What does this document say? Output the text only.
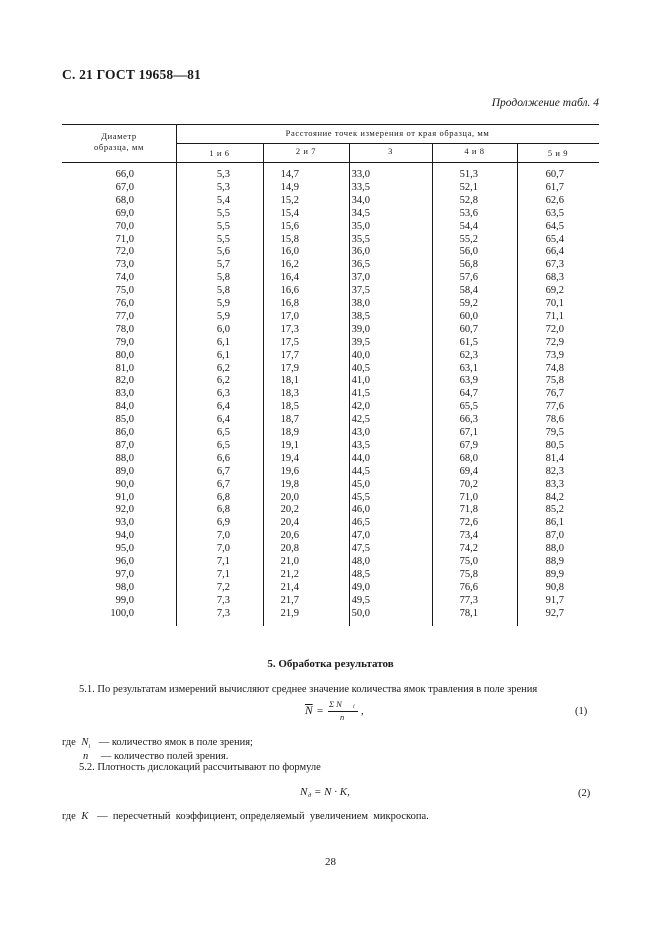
С. 21 ГОСТ 19658—81
Продолжение табл. 4
Диаметр
образца, мм
Расстояние точек измерения от края образца, мм
1 и 6	2 и 7	3	4 и 8	5 и 9
66,0	5,3	14,7	33,0	51,3	60,7
67,0	5,3	14,9	33,5	52,1	61,7
68,0	5,4	15,2	34,0	52,8	62,6
69,0	5,5	15,4	34,5	53,6	63,5
70,0	5,5	15,6	35,0	54,4	64,5
71,0	5,5	15,8	35,5	55,2	65,4
72,0	5,6	16,0	36,0	56,0	66,4
73,0	5,7	16,2	36,5	56,8	67,3
74,0	5,8	16,4	37,0	57,6	68,3
75,0	5,8	16,6	37,5	58,4	69,2
76,0	5,9	16,8	38,0	59,2	70,1
77,0	5,9	17,0	38,5	60,0	71,1
78,0	6,0	17,3	39,0	60,7	72,0
79,0	6,1	17,5	39,5	61,5	72,9
80,0	6,1	17,7	40,0	62,3	73,9
81,0	6,2	17,9	40,5	63,1	74,8
82,0	6,2	18,1	41,0	63,9	75,8
83,0	6,3	18,3	41,5	64,7	76,7
84,0	6,4	18,5	42,0	65,5	77,6
85,0	6,4	18,7	42,5	66,3	78,6
86,0	6,5	18,9	43,0	67,1	79,5
87,0	6,5	19,1	43,5	67,9	80,5
88,0	6,6	19,4	44,0	68,0	81,4
89,0	6,7	19,6	44,5	69,4	82,3
90,0	6,7	19,8	45,0	70,2	83,3
91,0	6,8	20,0	45,5	71,0	84,2
92,0	6,8	20,2	46,0	71,8	85,2
93,0	6,9	20,4	46,5	72,6	86,1
94,0	7,0	20,6	47,0	73,4	87,0
95,0	7,0	20,8	47,5	74,2	88,0
96,0	7,1	21,0	48,0	75,0	88,9
97,0	7,1	21,2	48,5	75,8	89,9
98,0	7,2	21,4	49,0	76,6	90,8
99,0	7,3	21,7	49,5	77,3	91,7
100,0	7,3	21,9	50,0	78,1	92,7
5. Обработка результатов
5.1. По результатам измерений вычисляют среднее значение количества ямок травления в поле зрения
$\overline{N}$ =
Σ N i
n ,	(1)
где $N_i$ — количество ямок в поле зрения;
n — количество полей зрения.
5.2. Плотность дислокаций рассчитывают по формуле
N д = N · K,	(2)
где K —  пересчетный  коэффициент, определяемый  увеличением  микроскопа.
28
